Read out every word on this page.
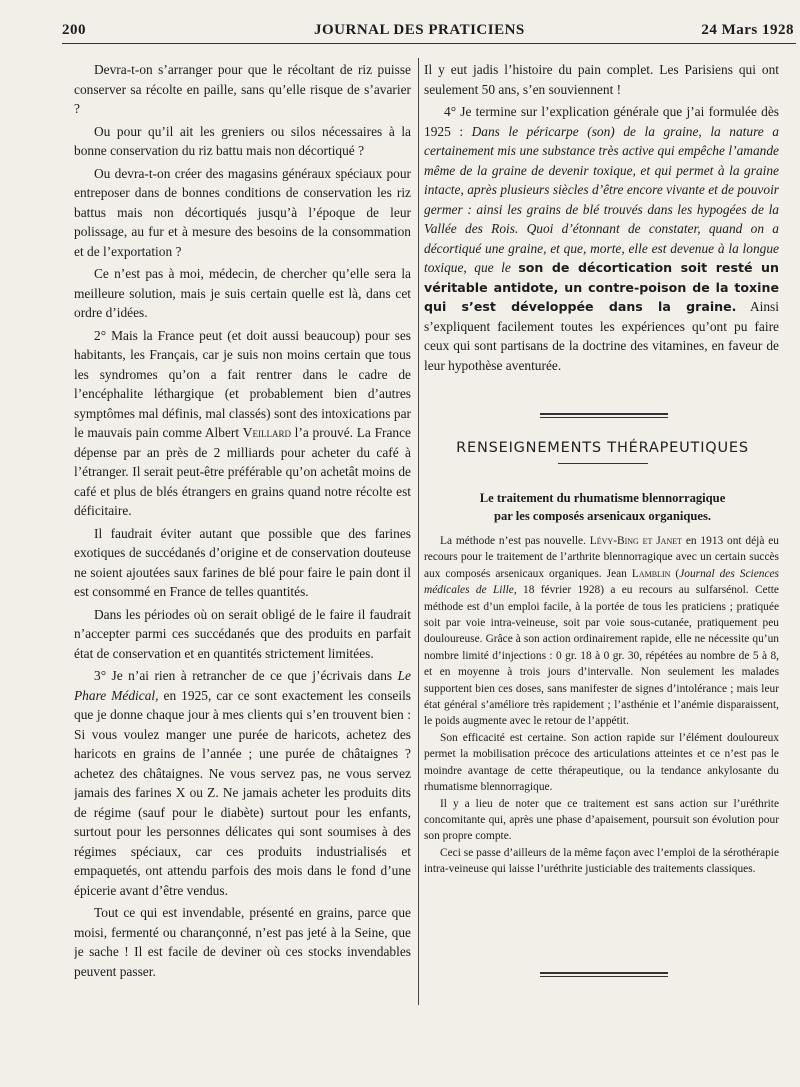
200	JOURNAL DES PRATICIENS	24 Mars 1928

Devra-t-on s’arranger pour que le récoltant de riz puisse conserver sa récolte en paille, sans qu’elle risque de s’avarier ?

Ou pour qu’il ait les greniers ou silos nécessaires à la bonne conservation du riz battu mais non décortiqué ?

Ou devra-t-on créer des magasins généraux spéciaux pour entreposer dans de bonnes conditions de conservation les riz battus mais non décortiqués jusqu’à l’époque de leur polissage, au fur et à mesure des besoins de la consommation et de l’exportation ?

Ce n’est pas à moi, médecin, de chercher qu’elle sera la meilleure solution, mais je suis certain quelle est là, dans cet ordre d’idées.

2° Mais la France peut (et doit aussi beaucoup) pour ses habitants, les Français, car je suis non moins certain que tous les syndromes qu’on a fait rentrer dans le cadre de l’encéphalite léthargique (et probablement bien d’autres symptômes mal définis, mal classés) sont des intoxications par le mauvais pain comme Albert Veillard l’a prouvé. La France dépense par an près de 2 milliards pour acheter du café à l’étranger. Il serait peut-être préférable qu’on achetât moins de café et plus de blés étrangers en grains quand notre récolte est déficitaire.

Il faudrait éviter autant que possible que des farines exotiques de succédanés d’origine et de conservation douteuse ne soient ajoutées saux farines de blé pour faire le pain dont il est consommé en France de telles quantités.

Dans les périodes où on serait obligé de le faire il faudrait n’accepter parmi ces succédanés que des produits en parfait état de conservation et en quantités strictement limitées.

3° Je n’ai rien à retrancher de ce que j’écrivais dans Le Phare Médical, en 1925, car ce sont exactement les conseils que je donne chaque jour à mes clients qui s’en trouvent bien : Si vous voulez manger une purée de haricots, achetez des haricots en grains de l’année ; une purée de châtaignes ? achetez des châtaignes. Ne vous servez pas, ne vous servez jamais des farines X ou Z. Ne jamais acheter les produits dits de régime (sauf pour le diabète) surtout pour les enfants, surtout pour les personnes délicates qui sont soumises à des régimes spéciaux, car ces produits industrialisés et empaquetés, ont attendu parfois des mois dans le fond d’une épicerie avant d’être vendus.

Tout ce qui est invendable, présenté en grains, parce que moisi, fermenté ou charançonné, n’est pas jeté à la Seine, que je sache ! Il est facile de deviner où ces stocks invendables peuvent passer.

Il y eut jadis l’histoire du pain complet. Les Parisiens qui ont seulement 50 ans, s’en souviennent !

4° Je termine sur l’explication générale que j’ai formulée dès 1925 : Dans le péricarpe (son) de la graine, la nature a certainement mis une substance très active qui empêche l’amande même de la graine de devenir toxique, et qui permet à la graine intacte, après plusieurs siècles d’être encore vivante et de pouvoir germer : ainsi les grains de blé trouvés dans les hypogées de la Vallée des Rois. Quoi d’étonnant de constater, quand on a décortiqué une graine, et que, morte, elle est devenue à la longue toxique, que le son de décortication soit resté un véritable antidote, un contre-poison de la toxine qui s’est développée dans la graine. Ainsi s’expliquent facilement toutes les expériences qu’ont pu faire ceux qui sont partisans de la doctrine des vitamines, en faveur de leur hypothèse aventurée.

RENSEIGNEMENTS THÉRAPEUTIQUES
Le traitement du rhumatisme blennorragique
par les composés arsenicaux organiques.

La méthode n’est pas nouvelle. Lévy-Bing et Janet en 1913 ont déjà eu recours pour le traitement de l’arthrite blennorragique avec un certain succès aux composés arsenicaux organiques. Jean Lamblin (Journal des Sciences médicales de Lille, 18 février 1928) a eu recours au sulfarsénol. Cette méthode est d’un emploi facile, à la portée de tous les praticiens ; pratiquée soit par voie intra-veineuse, soit par voie sous-cutanée, pratiquement peu douloureuse. Grâce à son action ordinairement rapide, elle ne nécessite qu’un nombre limité d’injections : 0 gr. 18 à 0 gr. 30, répétées au nombre de 5 à 8, et en moyenne à trois jours d’intervalle. Non seulement les malades supportent bien ces doses, sans manifester de signes d’intolérance ; mais leur état général s’améliore très rapidement ; l’asthénie et l’anémie disparaissent, le poids augmente avec le retour de l’appétit.

Son efficacité est certaine. Son action rapide sur l’élément douloureux permet la mobilisation précoce des articulations atteintes et ce n’est pas le moindre avantage de cette thérapeutique, ou la tendance ankylosante du rhumatisme blennorragique.

Il y a lieu de noter que ce traitement est sans action sur l’uréthrite concomitante qui, après une phase d’apaisement, poursuit son évolution pour son propre compte.

Ceci se passe d’ailleurs de la même façon avec l’emploi de la sérothérapie intra-veineuse qui laisse l’uréthrite justiciable des traitements classiques.
